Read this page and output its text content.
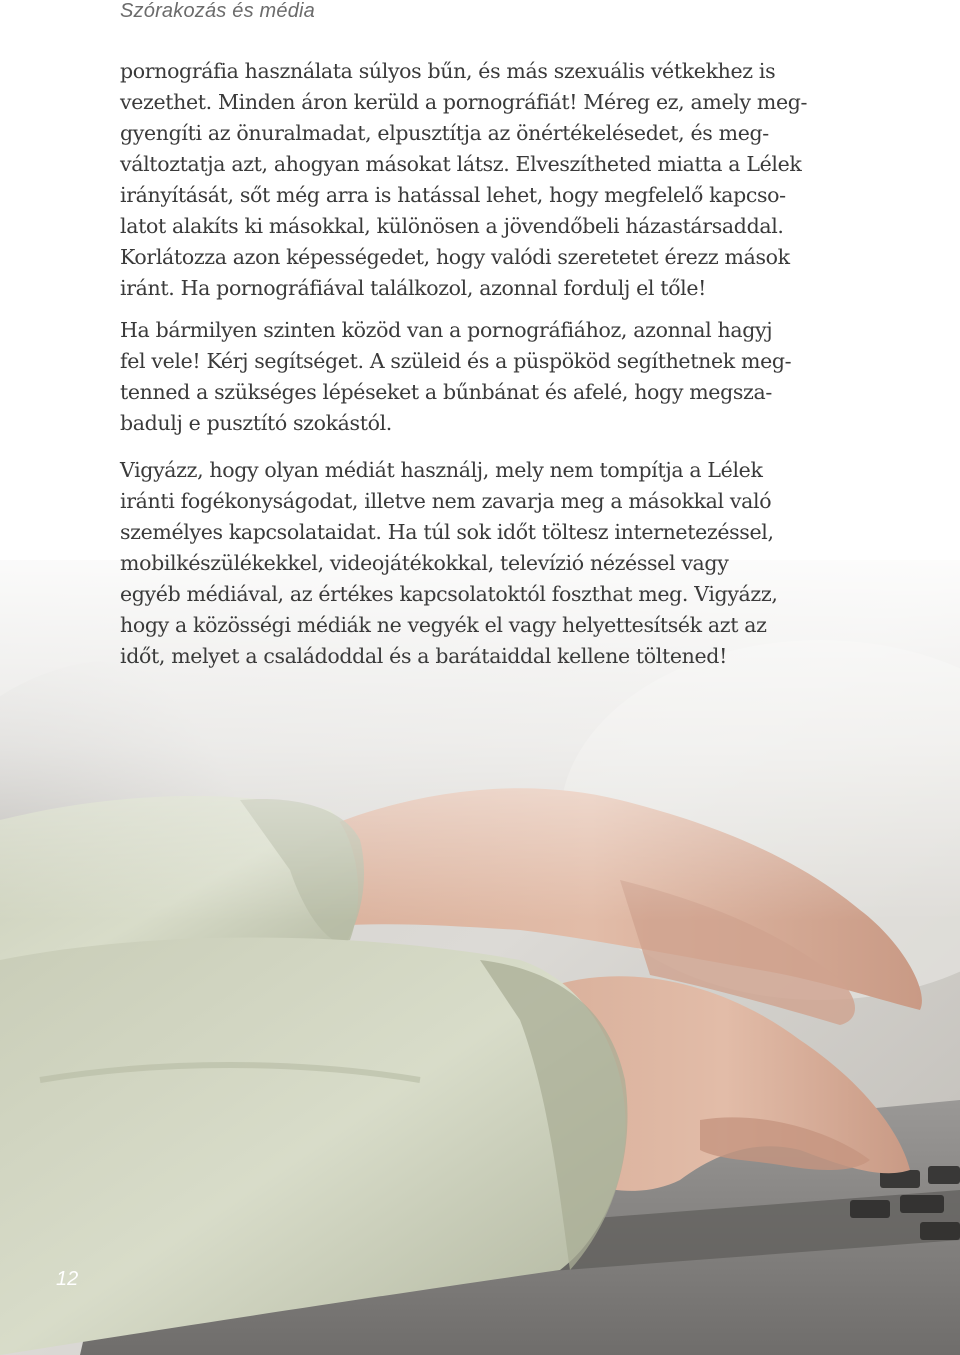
Szórakozás és média

pornográfia használata súlyos bűn, és más szexuális vétkekhez is
vezethet. Minden áron kerüld a pornográfiát! Méreg ez, amely meg-
gyengíti az önuralmadat, elpusztítja az önértékelésedet, és meg-
változtatja azt, ahogyan másokat látsz. Elveszítheted miatta a Lélek
irányítását, sőt még arra is hatással lehet, hogy megfelelő kapcso-
latot alakíts ki másokkal, különösen a jövendőbeli házastársaddal.
Korlátozza azon képességedet, hogy valódi szeretetet érezz mások
iránt. Ha pornográfiával találkozol, azonnal fordulj el tőle!

Ha bármilyen szinten közöd van a pornográfiához, azonnal hagyj
fel vele! Kérj segítséget. A szüleid és a püspököd segíthetnek meg-
tenned a szükséges lépéseket a bűnbánat és afelé, hogy megsza-
badulj e pusztító szokástól.

Vigyázz, hogy olyan médiát használj, mely nem tompítja a Lélek
iránti fogékonyságodat, illetve nem zavarja meg a másokkal való
személyes kapcsolataidat. Ha túl sok időt töltesz internetezéssel,
mobilkészülékekkel, videojátékokkal, televízió nézéssel vagy
egyéb médiával, az értékes kapcsolatoktól foszthat meg. Vigyázz,
hogy a közösségi médiák ne vegyék el vagy helyettesítsék azt az
időt, melyet a családoddal és a barátaiddal kellene töltened!

12
